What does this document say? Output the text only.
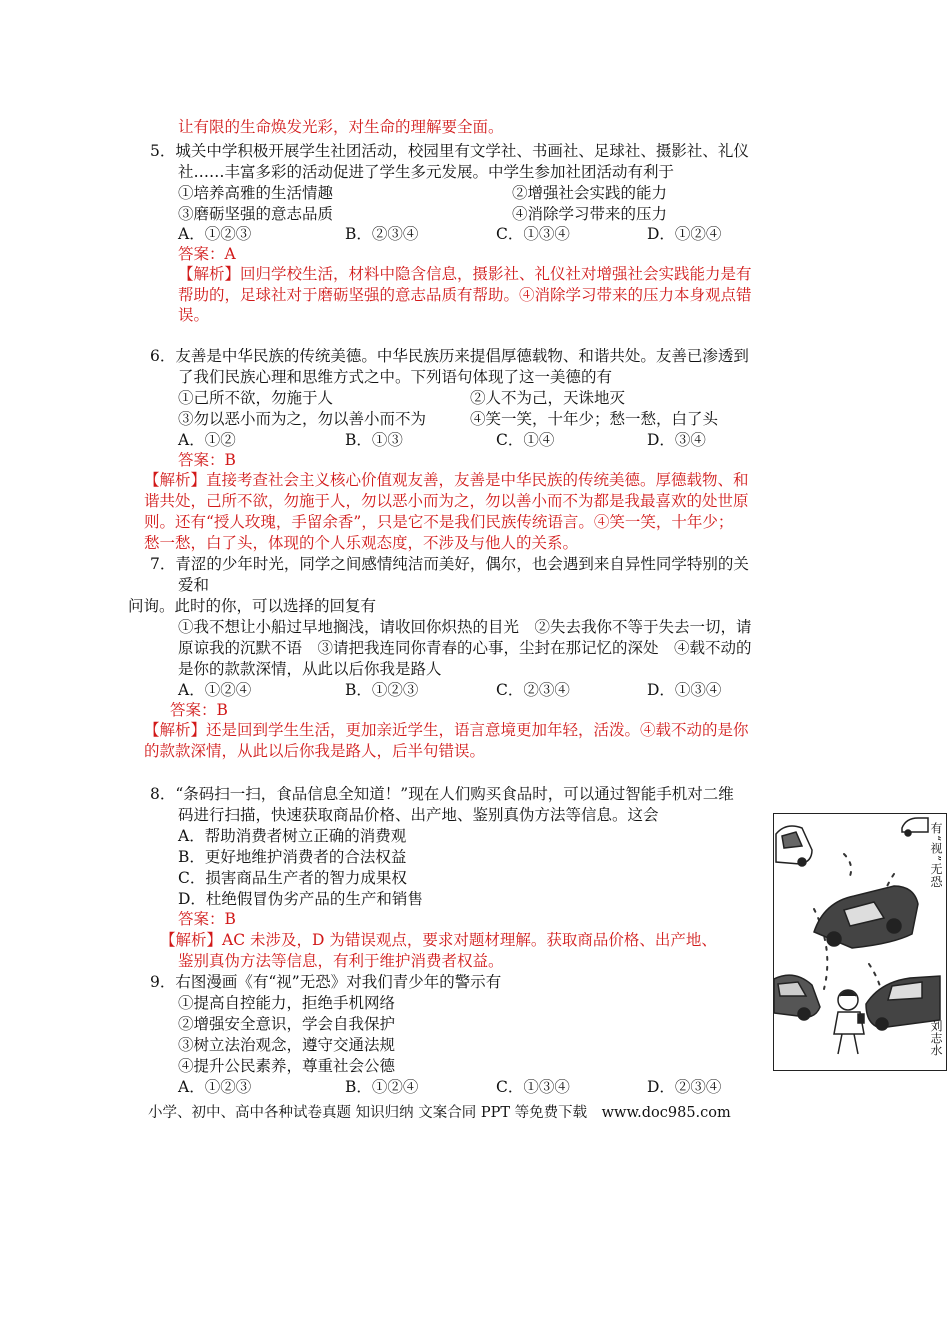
让有限的生命焕发光彩，对生命的理解要全面。
5．城关中学积极开展学生社团活动，校园里有文学社、书画社、足球社、摄影社、礼仪
社……丰富多彩的活动促进了学生多元发展。中学生参加社团活动有利于
①培养高雅的生活情趣	②增强社会实践的能力
③磨砺坚强的意志品质	④消除学习带来的压力
A．①②③	B．②③④	C．①③④	D．①②④
答案：A
【解析】回归学校生活，材料中隐含信息，摄影社、礼仪社对增强社会实践能力是有
帮助的，足球社对于磨砺坚强的意志品质有帮助。④消除学习带来的压力本身观点错
误。
6．友善是中华民族的传统美德。中华民族历来提倡厚德载物、和谐共处。友善已渗透到
了我们民族心理和思维方式之中。下列语句体现了这一美德的有
①己所不欲，勿施于人	②人不为己，天诛地灭
③勿以恶小而为之，勿以善小而不为	④笑一笑，十年少；愁一愁，白了头
A．①②	B．①③	C．①④	D．③④
答案：B
【解析】直接考查社会主义核心价值观友善，友善是中华民族的传统美德。厚德载物、和
谐共处，己所不欲，勿施于人，勿以恶小而为之，勿以善小而不为都是我最喜欢的处世原
则。还有“授人玫瑰，手留余香”，只是它不是我们民族传统语言。④笑一笑，十年少；
愁一愁，白了头，体现的个人乐观态度，不涉及与他人的关系。
7．青涩的少年时光，同学之间感情纯洁而美好，偶尔，也会遇到来自异性同学特别的关
爱和
问询。此时的你，可以选择的回复有
①我不想让小船过早地搁浅，请收回你炽热的目光　②失去我你不等于失去一切，请
原谅我的沉默不语　③请把我连同你青春的心事，尘封在那记忆的深处　④载不动的
是你的款款深情，从此以后你我是路人
A．①②④	B．①②③	C．②③④	D．①③④
答案：B
【解析】还是回到学生生活，更加亲近学生，语言意境更加年轻，活泼。④载不动的是你
的款款深情，从此以后你我是路人，后半句错误。
8．“条码扫一扫，食品信息全知道！”现在人们购买食品时，可以通过智能手机对二维
码进行扫描，快速获取商品价格、出产地、鉴别真伪方法等信息。这会
A．帮助消费者树立正确的消费观
B．更好地维护消费者的合法权益
C．损害商品生产者的智力成果权
D．杜绝假冒伪劣产品的生产和销售
答案：B
【解析】AC 未涉及，D 为错误观点，要求对题材理解。获取商品价格、出产地、
鉴别真伪方法等信息，有利于维护消费者权益。
9．右图漫画《有“视”无恐》对我们青少年的警示有
①提高自控能力，拒绝手机网络
②增强安全意识，学会自我保护
③树立法治观念，遵守交通法规
④提升公民素养，尊重社会公德
A．①②③	B．①②④	C．①③④	D．②③④
有“视”无恐
刘志水
小学、初中、高中各种试卷真题 知识归纳 文案合同 PPT 等免费下载　www.doc985.com
